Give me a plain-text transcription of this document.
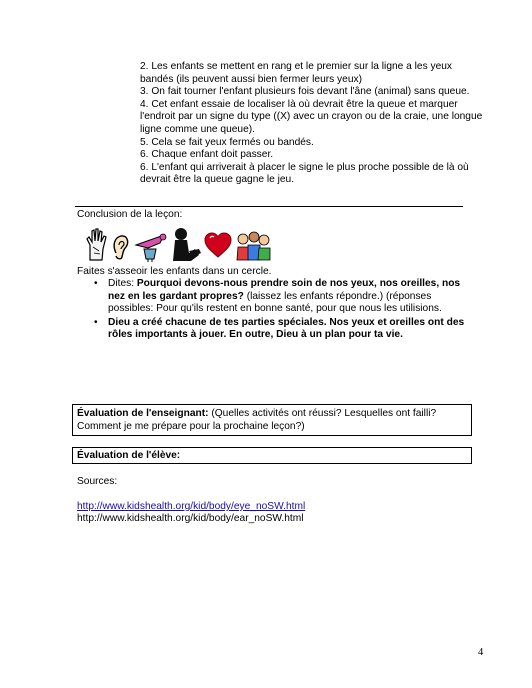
2. Les enfants se mettent en rang et le premier sur la ligne a les yeux bandés (ils peuvent aussi bien fermer leurs yeux)

3. On fait tourner l'enfant plusieurs fois devant l'âne (animal) sans queue.

4. Cet enfant essaie de localiser là où devrait être la queue et marquer l'endroit par un signe du type ((X) avec un crayon ou de la craie, une longue ligne comme une queue).

5. Cela se fait yeux fermés ou bandés.

6. Chaque enfant doit passer.

6. L'enfant qui arriverait à placer le signe le plus proche possible de là où devrait être la queue gagne le jeu.

Conclusion de la leçon:
Faites s'asseoir les enfants dans un cercle.
• Dites: Pourquoi devons-nous prendre soin de nos yeux, nos oreilles, nos nez en les gardant propres? (laissez les enfants répondre.) (réponses possibles: Pour qu'ils restent en bonne santé, pour que nous les utilisions.
• Dieu a créé chacune de tes parties spéciales. Nos yeux et oreilles ont des rôles importants à jouer. En outre, Dieu à un plan pour ta vie.
Évaluation de l'enseignant: (Quelles activités ont réussi? Lesquelles ont failli? Comment je me prépare pour la prochaine leçon?)
Évaluation de l'élève:
Sources:
http://www.kidshealth.org/kid/body/eye_noSW.html
http://www.kidshealth.org/kid/body/ear_noSW.html
4
